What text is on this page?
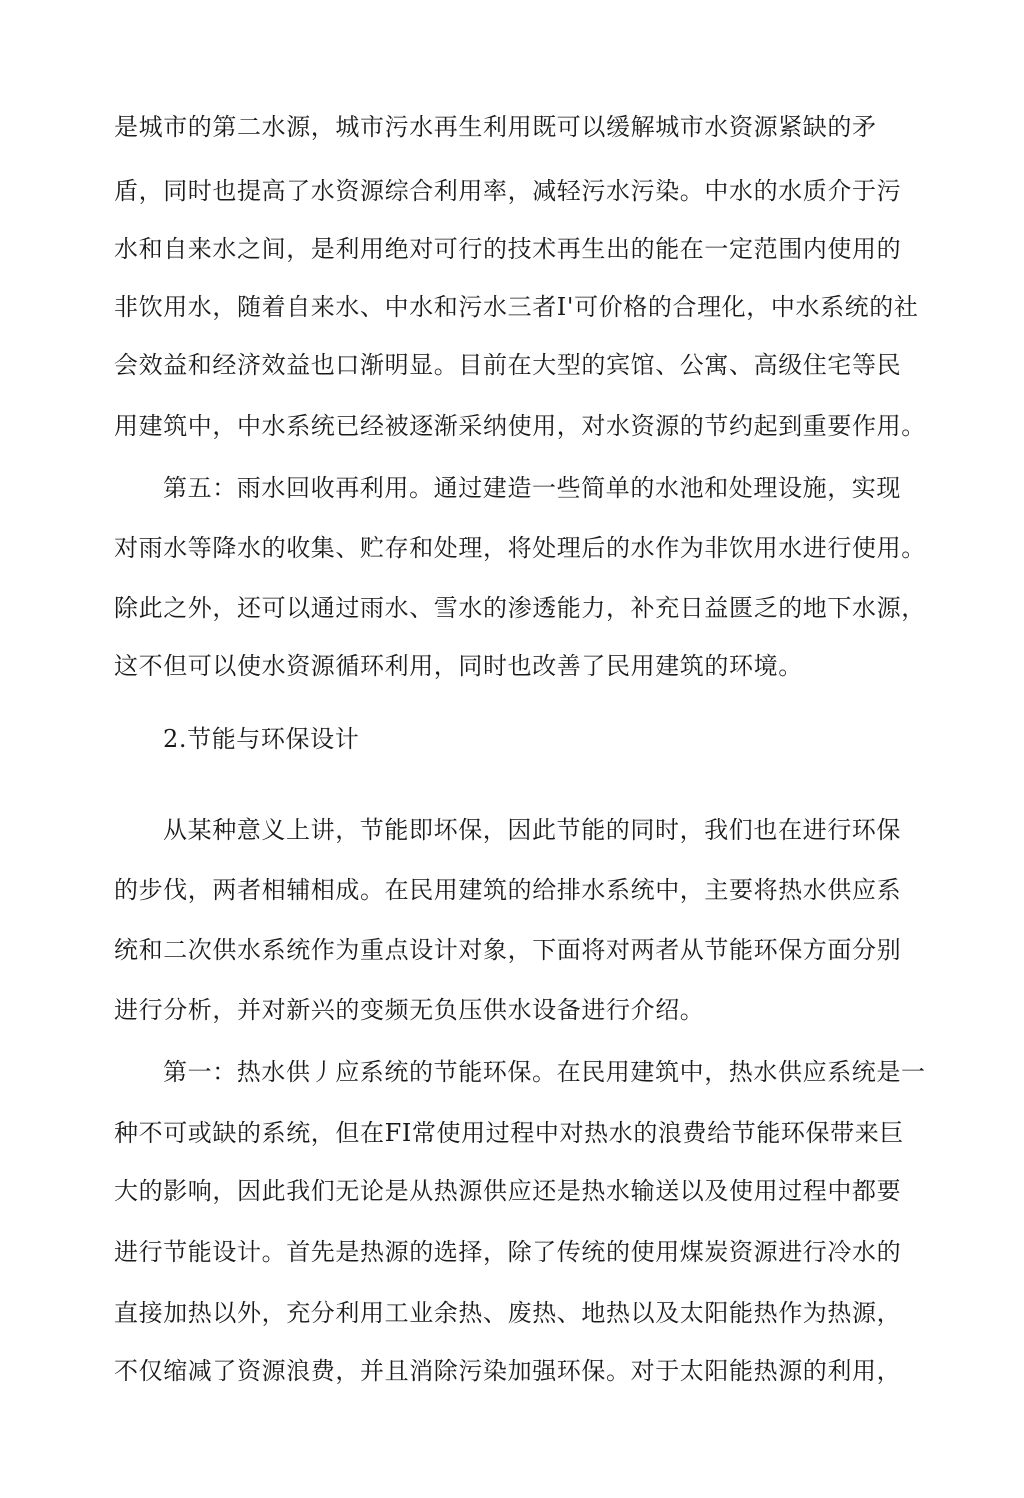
是城市的第二水源，城市污水再生利用既可以缓解城市水资源紧缺的矛
盾，同时也提高了水资源综合利用率，减轻污水污染。中水的水质介于污
水和自来水之间，是利用绝对可行的技术再生出的能在一定范围内使用的
非饮用水，随着自来水、中水和污水三者I'可价格的合理化，中水系统的社
会效益和经济效益也口渐明显。目前在大型的宾馆、公寓、高级住宅等民
用建筑中，中水系统已经被逐渐采纳使用，对水资源的节约起到重要作用。
第五：雨水回收再利用。通过建造一些简单的水池和处理设施，实现
对雨水等降水的收集、贮存和处理，将处理后的水作为非饮用水进行使用。
除此之外，还可以通过雨水、雪水的渗透能力，补充日益匮乏的地下水源，
这不但可以使水资源循环利用，同时也改善了民用建筑的环境。
2.节能与环保设计
从某种意义上讲，节能即坏保，因此节能的同时，我们也在进行环保
的步伐，两者相辅相成。在民用建筑的给排水系统中，主要将热水供应系
统和二次供水系统作为重点设计对象，下面将对两者从节能环保方面分别
进行分析，并对新兴的变频无负压供水设备进行介绍。
第一：热水供丿应系统的节能环保。在民用建筑中，热水供应系统是一
种不可或缺的系统，但在FI常使用过程中对热水的浪费给节能环保带来巨
大的影响，因此我们无论是从热源供应还是热水输送以及使用过程中都要
进行节能设计。首先是热源的选择，除了传统的使用煤炭资源进行冷水的
直接加热以外，充分利用工业余热、废热、地热以及太阳能热作为热源，
不仅缩减了资源浪费，并且消除污染加强环保。对于太阳能热源的利用，
